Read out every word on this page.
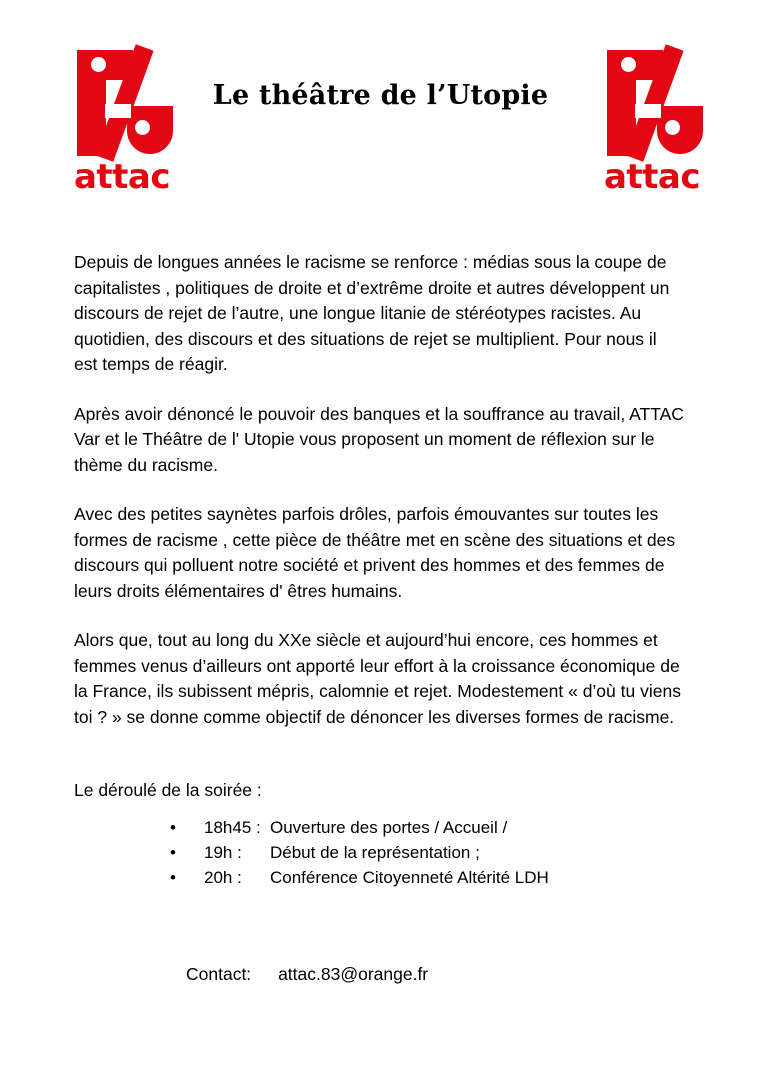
attac
Le théâtre de l’Utopie
attac

Depuis de longues années le racisme se renforce : médias sous la coupe de capitalistes , politiques de droite et d’extrême droite et autres développent un discours de rejet de l’autre, une longue litanie de stéréotypes racistes. Au quotidien, des discours et des situations de rejet se multiplient. Pour nous il est temps de réagir.

Après avoir dénoncé le pouvoir des banques et la souffrance au travail, ATTAC Var et le Théâtre de l' Utopie vous proposent un moment de réflexion sur le thème du racisme.

Avec des petites saynètes parfois drôles, parfois émouvantes sur toutes les formes de racisme , cette pièce de théâtre met en scène des situations et des discours qui polluent notre société et privent des hommes et des femmes de leurs droits élémentaires d' êtres humains.

Alors que, tout au long du XXe siècle et aujourd’hui encore, ces hommes et femmes venus d’ailleurs ont apporté leur effort à la croissance économique de la France, ils subissent mépris, calomnie et rejet. Modestement « d’où tu viens toi ? » se donne comme objectif de dénoncer les diverses formes de racisme.

Le déroulé de la soirée :

•	18h45 : Ouverture des portes / Accueil /
•	19h :	Début de la représentation ;
•	20h :	Conférence Citoyenneté Altérité LDH

Contact: attac.83@orange.fr
